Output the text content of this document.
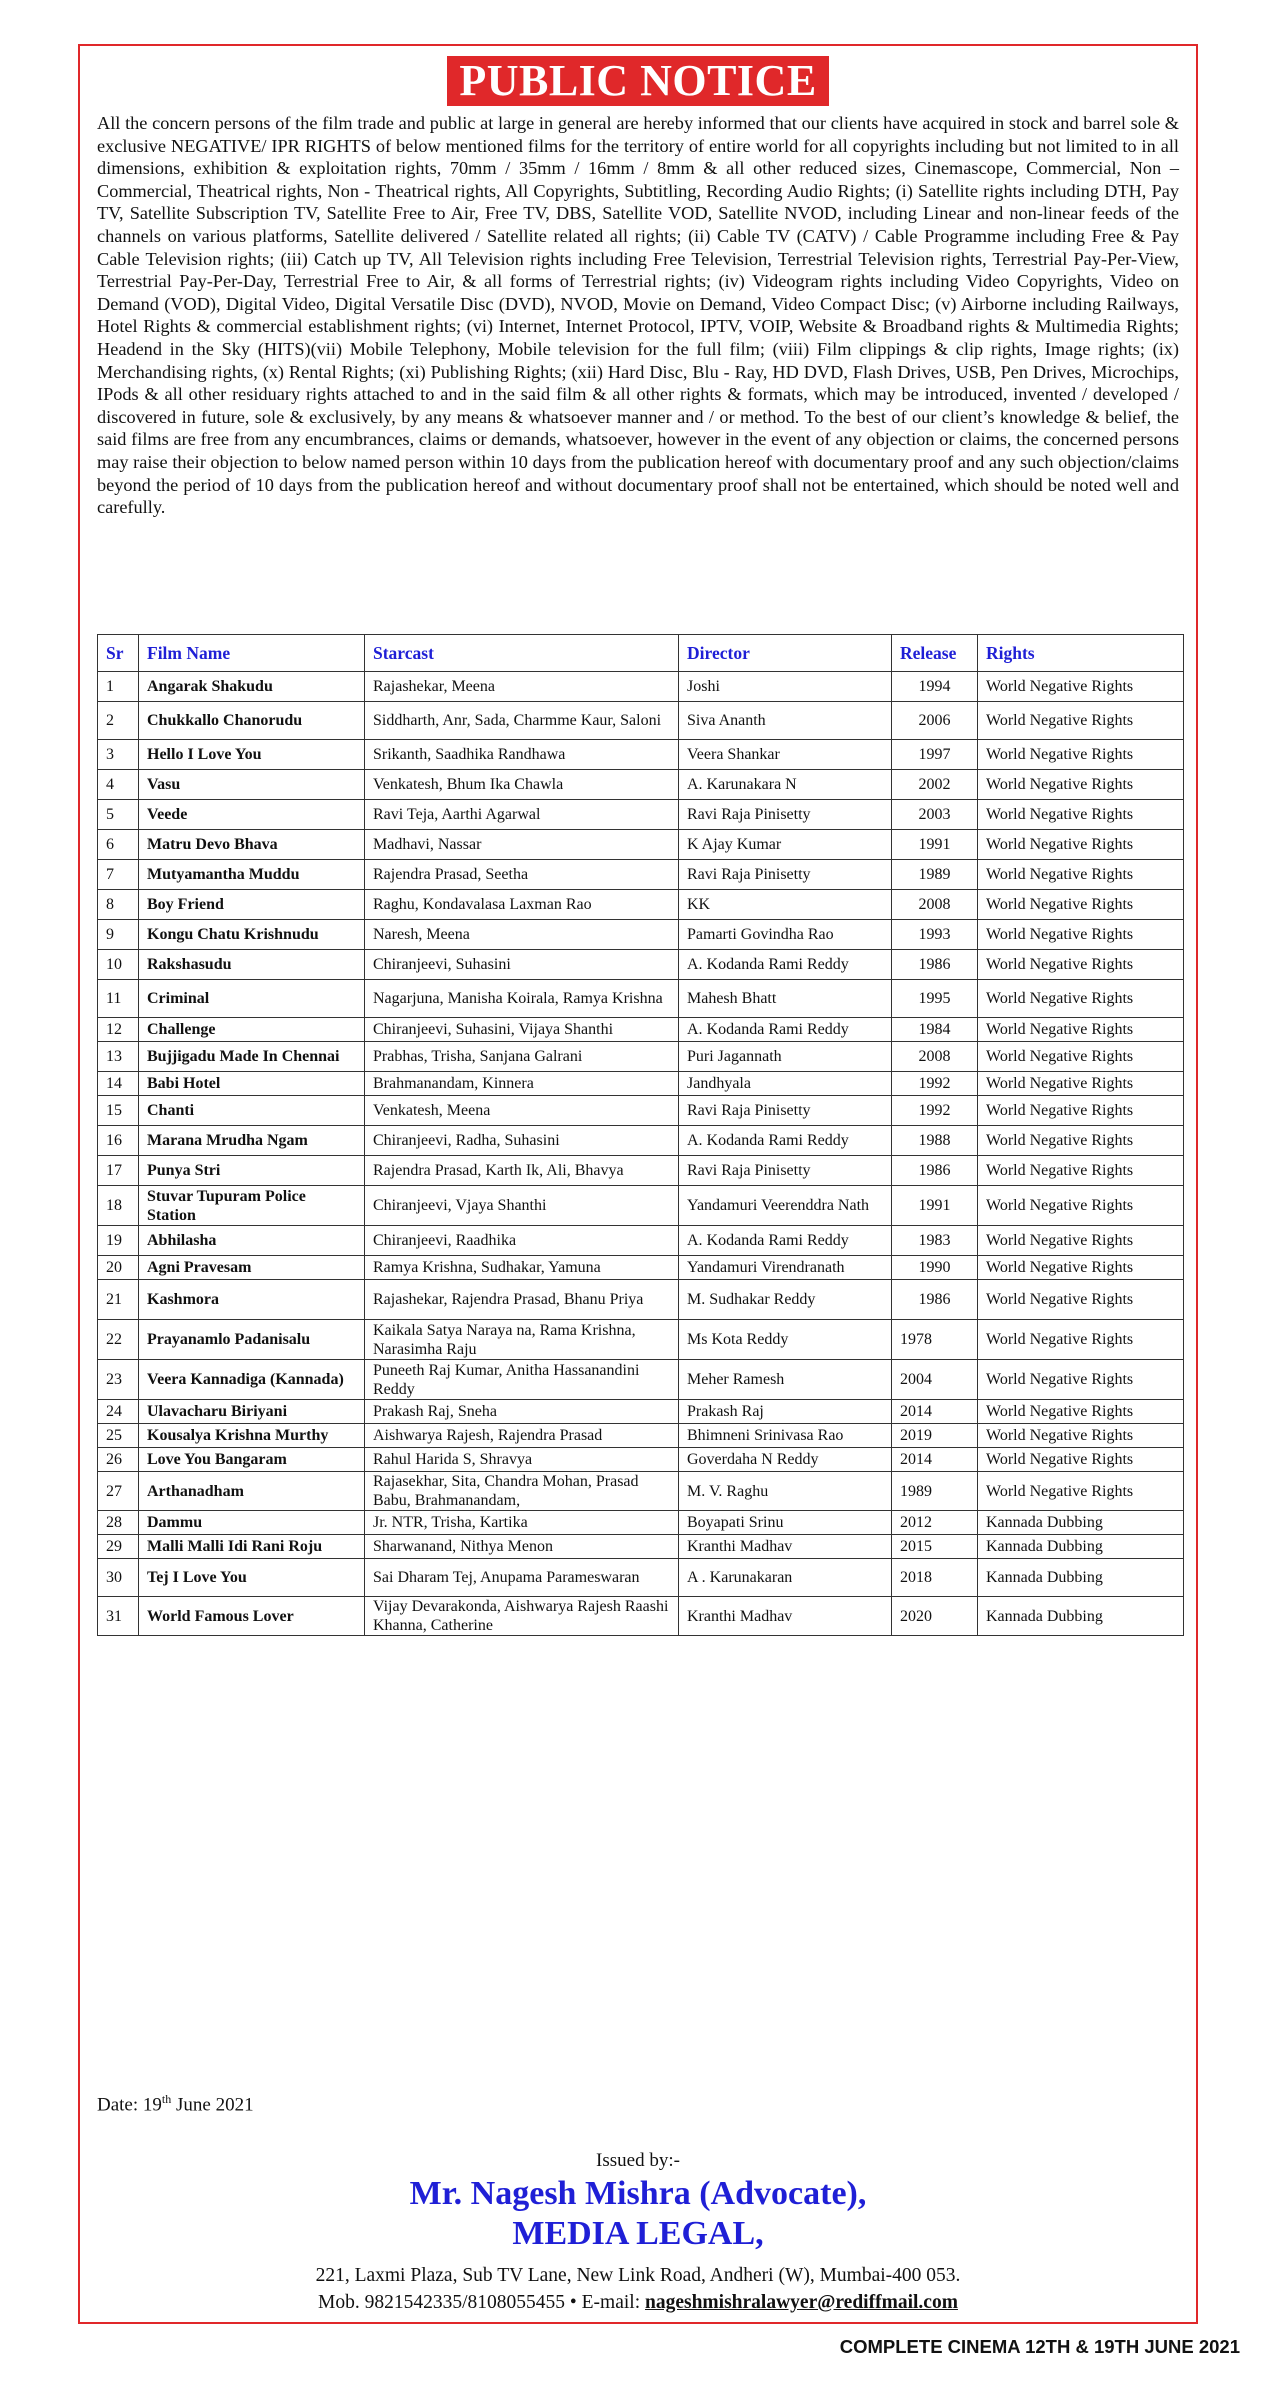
PUBLIC NOTICE
All the concern persons of the film trade and public at large in general are hereby informed that our clients have acquired in stock and barrel sole & exclusive NEGATIVE/ IPR RIGHTS of below mentioned films for the territory of entire world for all copyrights including but not limited to in all dimensions, exhibition & exploitation rights, 70mm / 35mm / 16mm / 8mm & all other reduced sizes, Cinemascope, Commercial, Non – Commercial, Theatrical rights, Non - Theatrical rights, All Copyrights, Subtitling, Recording Audio Rights; (i) Satellite rights including DTH, Pay TV, Satellite Subscription TV, Satellite Free to Air, Free TV, DBS, Satellite VOD, Satellite NVOD, including Linear and non-linear feeds of the channels on various platforms, Satellite delivered / Satellite related all rights; (ii) Cable TV (CATV) / Cable Programme including Free & Pay Cable Television rights; (iii) Catch up TV, All Television rights including Free Television, Terrestrial Television rights, Terrestrial Pay-Per-View, Terrestrial Pay-Per-Day, Terrestrial Free to Air, & all forms of Terrestrial rights; (iv) Videogram rights including Video Copyrights, Video on Demand (VOD), Digital Video, Digital Versatile Disc (DVD), NVOD, Movie on Demand, Video Compact Disc; (v) Airborne including Railways, Hotel Rights & commercial establishment rights; (vi) Internet, Internet Protocol, IPTV, VOIP, Website & Broadband rights & Multimedia Rights; Headend in the Sky (HITS)(vii) Mobile Telephony, Mobile television for the full film; (viii) Film clippings & clip rights, Image rights; (ix) Merchandising rights, (x) Rental Rights; (xi) Publishing Rights; (xii) Hard Disc, Blu - Ray, HD DVD, Flash Drives, USB, Pen Drives, Microchips, IPods & all other residuary rights attached to and in the said film & all other rights & formats, which may be introduced, invented / developed / discovered in future, sole & exclusively, by any means & whatsoever manner and / or method. To the best of our client’s knowledge & belief, the said films are free from any encumbrances, claims or demands, whatsoever, however in the event of any objection or claims, the concerned persons may raise their objection to below named person within 10 days from the publication hereof with documentary proof and any such objection/claims beyond the period of 10 days from the publication hereof and without documentary proof shall not be entertained, which should be noted well and carefully.
Sr	Film Name	Starcast	Director	Release	Rights
1	Angarak Shakudu	Rajashekar, Meena	Joshi	1994	World Negative Rights
2	Chukkallo Chanorudu	Siddharth, Anr, Sada, Charmme Kaur, Saloni	Siva Ananth	2006	World Negative Rights
3	Hello I Love You	Srikanth, Saadhika Randhawa	Veera Shankar	1997	World Negative Rights
4	Vasu	Venkatesh, Bhum Ika Chawla	A. Karunakara N	2002	World Negative Rights
5	Veede	Ravi Teja, Aarthi Agarwal	Ravi Raja Pinisetty	2003	World Negative Rights
6	Matru Devo Bhava	Madhavi, Nassar	K Ajay Kumar	1991	World Negative Rights
7	Mutyamantha Muddu	Rajendra Prasad, Seetha	Ravi Raja Pinisetty	1989	World Negative Rights
8	Boy Friend	Raghu, Kondavalasa Laxman Rao	KK	2008	World Negative Rights
9	Kongu Chatu Krishnudu	Naresh, Meena	Pamarti Govindha Rao	1993	World Negative Rights
10	Rakshasudu	Chiranjeevi, Suhasini	A. Kodanda Rami Reddy	1986	World Negative Rights
11	Criminal	Nagarjuna, Manisha Koirala, Ramya Krishna	Mahesh Bhatt	1995	World Negative Rights
12	Challenge	Chiranjeevi, Suhasini, Vijaya Shanthi	A. Kodanda Rami Reddy	1984	World Negative Rights
13	Bujjigadu Made In Chennai	Prabhas, Trisha, Sanjana Galrani	Puri Jagannath	2008	World Negative Rights
14	Babi Hotel	Brahmanandam, Kinnera	Jandhyala	1992	World Negative Rights
15	Chanti	Venkatesh, Meena	Ravi Raja Pinisetty	1992	World Negative Rights
16	Marana Mrudha Ngam	Chiranjeevi, Radha, Suhasini	A. Kodanda Rami Reddy	1988	World Negative Rights
17	Punya Stri	Rajendra Prasad, Karth Ik, Ali, Bhavya	Ravi Raja Pinisetty	1986	World Negative Rights
18	Stuvar Tupuram Police Station	Chiranjeevi, Vjaya Shanthi	Yandamuri Veerenddra Nath	1991	World Negative Rights
19	Abhilasha	Chiranjeevi, Raadhika	A. Kodanda Rami Reddy	1983	World Negative Rights
20	Agni Pravesam	Ramya Krishna, Sudhakar, Yamuna	Yandamuri Virendranath	1990	World Negative Rights
21	Kashmora	Rajashekar, Rajendra Prasad, Bhanu Priya	M. Sudhakar Reddy	1986	World Negative Rights
22	Prayanamlo Padanisalu	Kaikala Satya Naraya na, Rama Krishna, Narasimha Raju	Ms Kota Reddy	1978	World Negative Rights
23	Veera Kannadiga (Kannada)	Puneeth Raj Kumar, Anitha Hassanandini Reddy	Meher Ramesh	2004	World Negative Rights
24	Ulavacharu Biriyani	Prakash Raj, Sneha	Prakash Raj	2014	World Negative Rights
25	Kousalya Krishna Murthy	Aishwarya Rajesh, Rajendra Prasad	Bhimneni Srinivasa Rao	2019	World Negative Rights
26	Love You Bangaram	Rahul Harida S, Shravya	Goverdaha N Reddy	2014	World Negative Rights
27	Arthanadham	Rajasekhar, Sita, Chandra Mohan, Prasad Babu, Brahmanandam,	M. V. Raghu	1989	World Negative Rights
28	Dammu	Jr. NTR, Trisha, Kartika	Boyapati Srinu	2012	Kannada Dubbing
29	Malli Malli Idi Rani Roju	Sharwanand, Nithya Menon	Kranthi Madhav	2015	Kannada Dubbing
30	Tej I Love You	Sai Dharam Tej, Anupama Parameswaran	A . Karunakaran	2018	Kannada Dubbing
31	World Famous Lover	Vijay Devarakonda, Aishwarya Rajesh Raashi Khanna, Catherine	Kranthi Madhav	2020	Kannada Dubbing
Date: 19th June 2021
Issued by:-
Mr. Nagesh Mishra (Advocate),
MEDIA LEGAL,
221, Laxmi Plaza, Sub TV Lane, New Link Road, Andheri (W), Mumbai-400 053.
Mob. 9821542335/8108055455 • E-mail: nageshmishralawyer@rediffmail.com
COMPLETE CINEMA 12TH & 19TH JUNE 2021
